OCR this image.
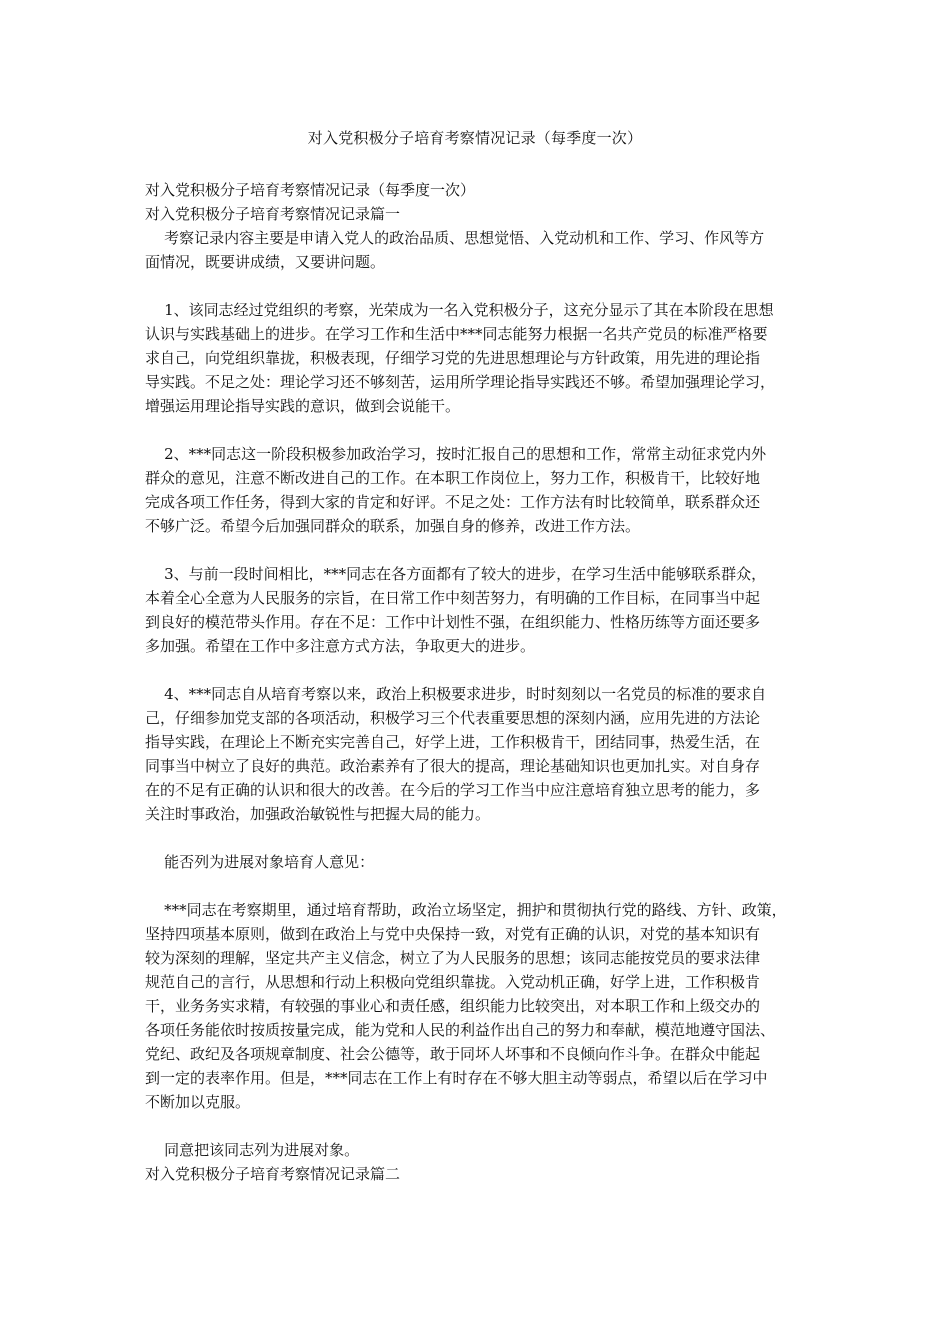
对入党积极分子培育考察情况记录（每季度一次）
对入党积极分子培育考察情况记录（每季度一次）
对入党积极分子培育考察情况记录篇一
考察记录内容主要是申请入党人的政治品质、思想觉悟、入党动机和工作、学习、作风等方
面情况，既要讲成绩，又要讲问题。
1、该同志经过党组织的考察，光荣成为一名入党积极分子，这充分显示了其在本阶段在思想
认识与实践基础上的进步。在学习工作和生活中***同志能努力根据一名共产党员的标准严格要
求自己，向党组织靠拢，积极表现，仔细学习党的先进思想理论与方针政策，用先进的理论指
导实践。不足之处：理论学习还不够刻苦，运用所学理论指导实践还不够。希望加强理论学习，
增强运用理论指导实践的意识，做到会说能干。
2、***同志这一阶段积极参加政治学习，按时汇报自己的思想和工作，常常主动征求党内外
群众的意见，注意不断改进自己的工作。在本职工作岗位上，努力工作，积极肯干，比较好地
完成各项工作任务，得到大家的肯定和好评。不足之处：工作方法有时比较简单，联系群众还
不够广泛。希望今后加强同群众的联系，加强自身的修养，改进工作方法。
3、与前一段时间相比，***同志在各方面都有了较大的进步，在学习生活中能够联系群众，
本着全心全意为人民服务的宗旨，在日常工作中刻苦努力，有明确的工作目标，在同事当中起
到良好的模范带头作用。存在不足：工作中计划性不强，在组织能力、性格历练等方面还要多
多加强。希望在工作中多注意方式方法，争取更大的进步。
4、***同志自从培育考察以来，政治上积极要求进步，时时刻刻以一名党员的标准的要求自
己，仔细参加党支部的各项活动，积极学习三个代表重要思想的深刻内涵，应用先进的方法论
指导实践，在理论上不断充实完善自己，好学上进，工作积极肯干，团结同事，热爱生活，在
同事当中树立了良好的典范。政治素养有了很大的提高，理论基础知识也更加扎实。对自身存
在的不足有正确的认识和很大的改善。在今后的学习工作当中应注意培育独立思考的能力，多
关注时事政治，加强政治敏锐性与把握大局的能力。
能否列为进展对象培育人意见：
***同志在考察期里，通过培育帮助，政治立场坚定，拥护和贯彻执行党的路线、方针、政策，
坚持四项基本原则，做到在政治上与党中央保持一致，对党有正确的认识，对党的基本知识有
较为深刻的理解，坚定共产主义信念，树立了为人民服务的思想；该同志能按党员的要求法律
规范自己的言行，从思想和行动上积极向党组织靠拢。入党动机正确，好学上进，工作积极肯
干，业务务实求精，有较强的事业心和责任感，组织能力比较突出，对本职工作和上级交办的
各项任务能依时按质按量完成，能为党和人民的利益作出自己的努力和奉献，模范地遵守国法、
党纪、政纪及各项规章制度、社会公德等，敢于同坏人坏事和不良倾向作斗争。在群众中能起
到一定的表率作用。但是，***同志在工作上有时存在不够大胆主动等弱点，希望以后在学习中
不断加以克服。
同意把该同志列为进展对象。
对入党积极分子培育考察情况记录篇二
